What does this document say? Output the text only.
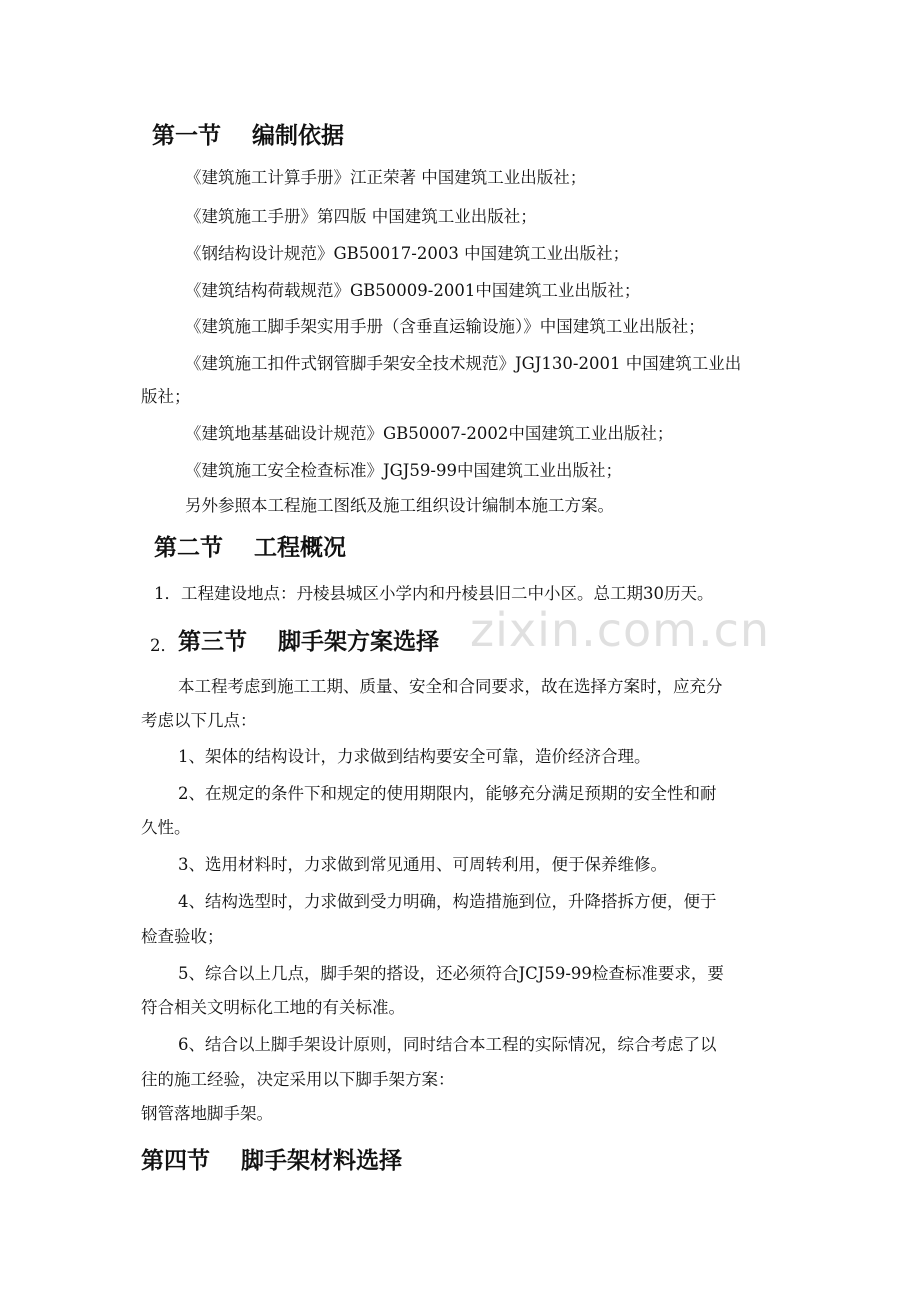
第一节　 编制依据
《建筑施工计算手册》江正荣著 中国建筑工业出版社；
《建筑施工手册》第四版 中国建筑工业出版社；
《钢结构设计规范》GB50017-2003 中国建筑工业出版社；
《建筑结构荷载规范》GB50009-2001中国建筑工业出版社；
《建筑施工脚手架实用手册（含垂直运输设施）》中国建筑工业出版社；
《建筑施工扣件式钢管脚手架安全技术规范》JGJ130-2001 中国建筑工业出
版社；
《建筑地基基础设计规范》GB50007-2002中国建筑工业出版社；
《建筑施工安全检查标准》JGJ59-99中国建筑工业出版社；
另外参照本工程施工图纸及施工组织设计编制本施工方案。
第二节　 工程概况
1．工程建设地点：丹棱县城区小学内和丹棱县旧二中小区。总工期30历天。
2． 第三节　 脚手架方案选择
本工程考虑到施工工期、质量、安全和合同要求，故在选择方案时，应充分
考虑以下几点：
1、架体的结构设计，力求做到结构要安全可靠，造价经济合理。
2、在规定的条件下和规定的使用期限内，能够充分满足预期的安全性和耐
久性。
3、选用材料时，力求做到常见通用、可周转利用，便于保养维修。
4、结构选型时，力求做到受力明确，构造措施到位，升降搭拆方便，便于
检查验收；
5、综合以上几点，脚手架的搭设，还必须符合JCJ59-99检查标准要求，要
符合相关文明标化工地的有关标准。
6、结合以上脚手架设计原则，同时结合本工程的实际情况，综合考虑了以
往的施工经验，决定采用以下脚手架方案：
钢管落地脚手架。
第四节　 脚手架材料选择
zixin.com.cn
